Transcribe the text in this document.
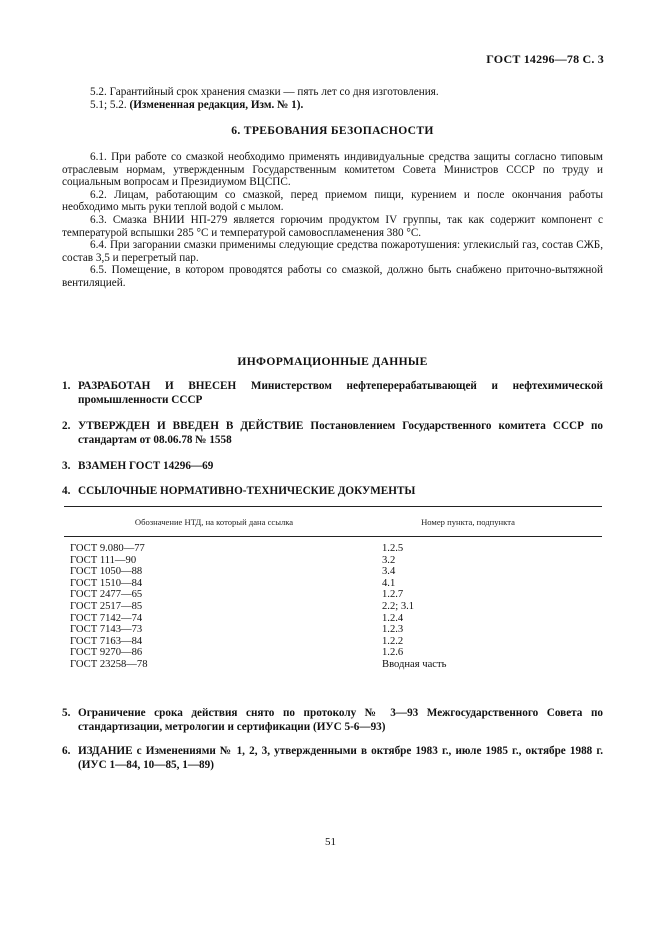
ГОСТ 14296—78 С. 3

5.2. Гарантийный срок хранения смазки — пять лет со дня изготовления.

5.1; 5.2. (Измененная редакция, Изм. № 1).

6. ТРЕБОВАНИЯ БЕЗОПАСНОСТИ

6.1. При работе со смазкой необходимо применять индивидуальные средства защиты согласно типовым отраслевым нормам, утвержденным Государственным комитетом Совета Министров СССР по труду и социальным вопросам и Президиумом ВЦСПС.

6.2. Лицам, работающим со смазкой, перед приемом пищи, курением и после окончания работы необходимо мыть руки теплой водой с мылом.

6.3. Смазка ВНИИ НП-279 является горючим продуктом IV группы, так как содержит компонент с температурой вспышки 285 °С и температурой самовоспламенения 380 °С.

6.4. При загорании смазки применимы следующие средства пожаротушения: углекислый газ, состав СЖБ, состав 3,5 и перегретый пар.

6.5. Помещение, в котором проводятся работы со смазкой, должно быть снабжено приточно-вытяжной вентиляцией.

ИНФОРМАЦИОННЫЕ ДАННЫЕ
1. РАЗРАБОТАН И ВНЕСЕН Министерством нефтеперерабатывающей и нефтехимической промышленности СССР
2. УТВЕРЖДЕН И ВВЕДЕН В ДЕЙСТВИЕ Постановлением Государственного комитета СССР по стандартам от 08.06.78 № 1558
3. ВЗАМЕН ГОСТ 14296—69
4. ССЫЛОЧНЫЕ НОРМАТИВНО-ТЕХНИЧЕСКИЕ ДОКУМЕНТЫ
Обозначение НТД, на который дана ссылка	Номер пункта, подпункта
ГОСТ 9.080—77	1.2.5
ГОСТ 111—90	3.2
ГОСТ 1050—88	3.4
ГОСТ 1510—84	4.1
ГОСТ 2477—65	1.2.7
ГОСТ 2517—85	2.2; 3.1
ГОСТ 7142—74	1.2.4
ГОСТ 7143—73	1.2.3
ГОСТ 7163—84	1.2.2
ГОСТ 9270—86	1.2.6
ГОСТ 23258—78	Вводная часть
5. Ограничение срока действия снято по протоколу № 3—93 Межгосударственного Совета по стандартизации, метрологии и сертификации (ИУС 5-6—93)
6. ИЗДАНИЕ с Изменениями № 1, 2, 3, утвержденными в октябре 1983 г., июле 1985 г., октябре 1988 г. (ИУС 1—84, 10—85, 1—89)
51
